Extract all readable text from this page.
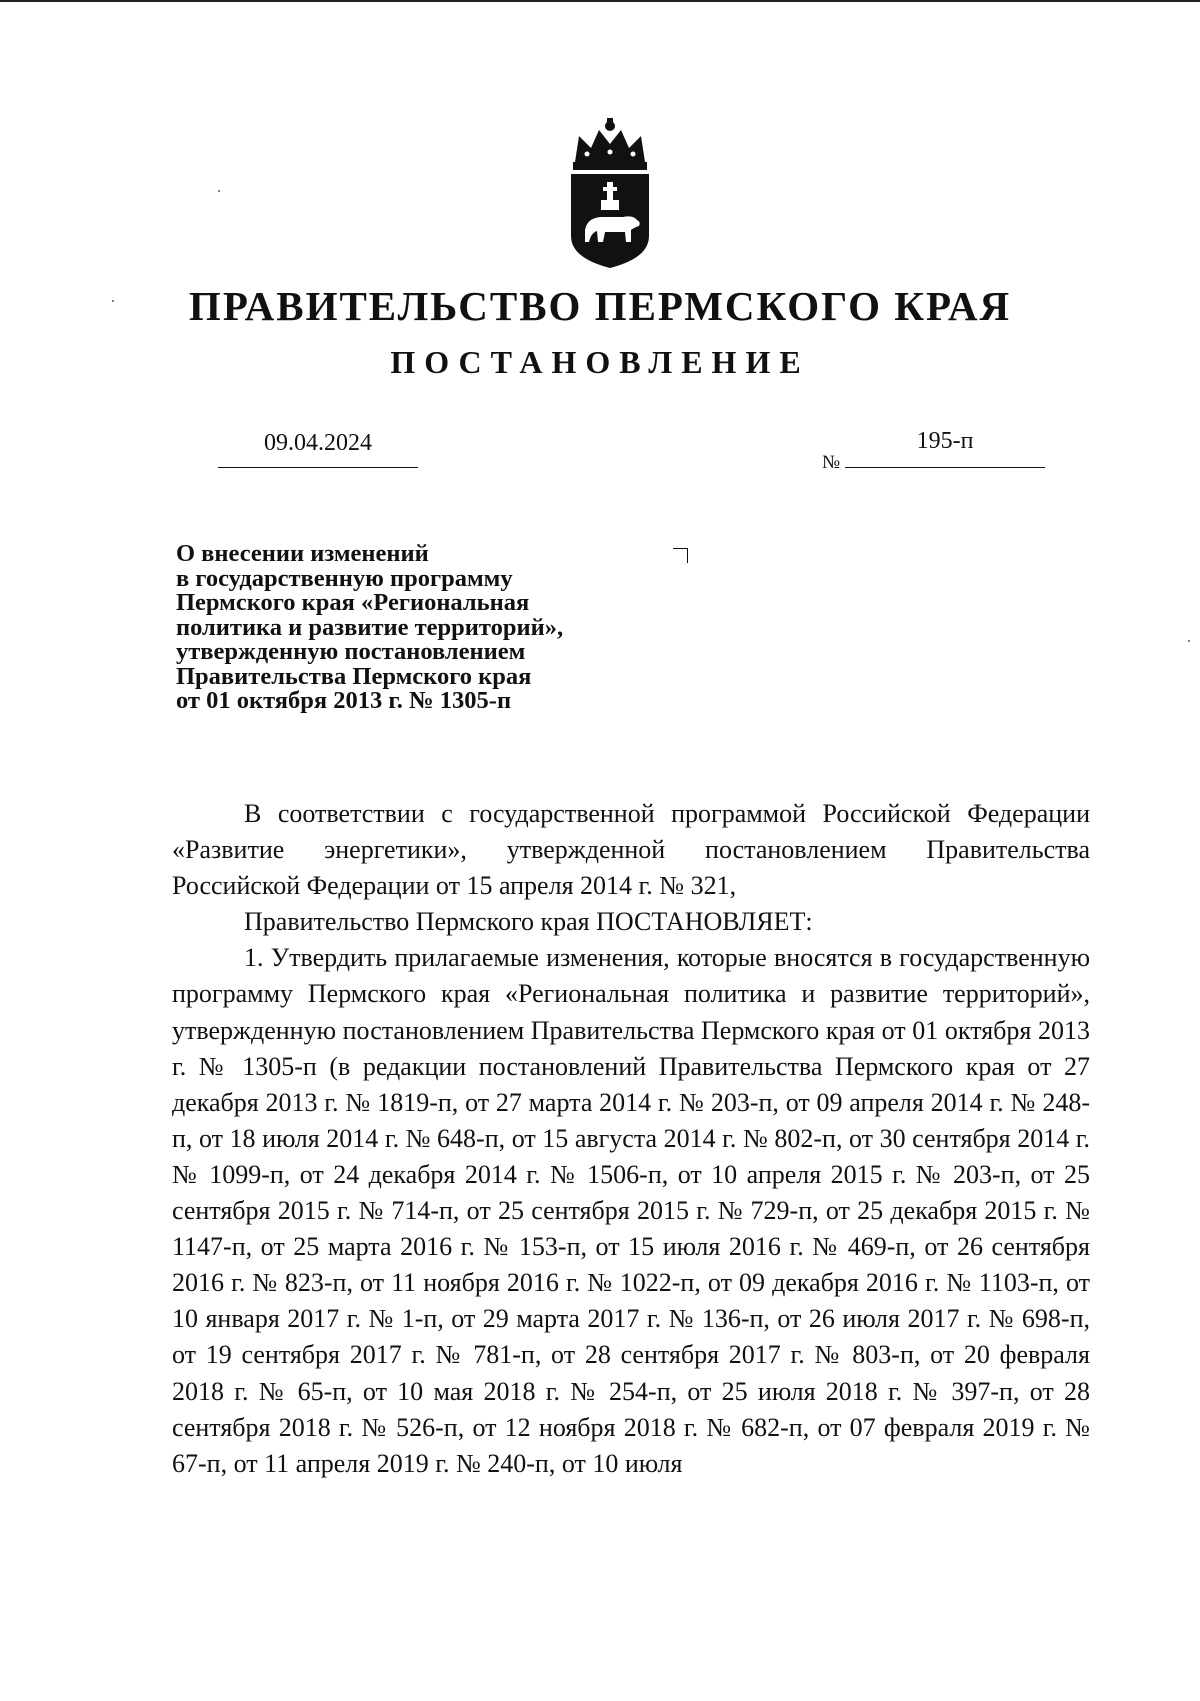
ПРАВИТЕЛЬСТВО ПЕРМСКОГО КРАЯ
ПОСТАНОВЛЕНИЕ
09.04.2024
№
195-п
О внесении изменений
в государственную программу
Пермского края «Региональная
политика и развитие территорий»,
утвержденную постановлением
Правительства Пермского края
от 01 октября 2013 г. № 1305-п

В соответствии с государственной программой Российской Федерации «Развитие энергетики», утвержденной постановлением Правительства Российской Федерации от 15 апреля 2014 г. № 321,

Правительство Пермского края ПОСТАНОВЛЯЕТ:

1. Утвердить прилагаемые изменения, которые вносятся в государственную программу Пермского края «Региональная политика и развитие территорий», утвержденную постановлением Правительства Пермского края от 01 октября 2013 г. № 1305-п (в редакции постановлений Правительства Пермского края от 27 декабря 2013 г. № 1819-п, от 27 марта 2014 г. № 203-п, от 09 апреля 2014 г. № 248-п, от 18 июля 2014 г. № 648-п, от 15 августа 2014 г. № 802-п, от 30 сентября 2014 г. № 1099-п, от 24 декабря 2014 г. № 1506-п, от 10 апреля 2015 г. № 203-п, от 25 сентября 2015 г. № 714-п, от 25 сентября 2015 г. № 729-п, от 25 декабря 2015 г. № 1147-п, от 25 марта 2016 г. № 153-п, от 15 июля 2016 г. № 469-п, от 26 сентября 2016 г. № 823-п, от 11 ноября 2016 г. № 1022-п, от 09 декабря 2016 г. № 1103-п, от 10 января 2017 г. № 1-п, от 29 марта 2017 г. № 136-п, от 26 июля 2017 г. № 698-п, от 19 сентября 2017 г. № 781-п, от 28 сентября 2017 г. № 803-п, от 20 февраля 2018 г. № 65-п, от 10 мая 2018 г. № 254-п, от 25 июля 2018 г. № 397-п, от 28 сентября 2018 г. № 526-п, от 12 ноября 2018 г. № 682-п, от 07 февраля 2019 г. № 67-п, от 11 апреля 2019 г. № 240-п, от 10 июля
